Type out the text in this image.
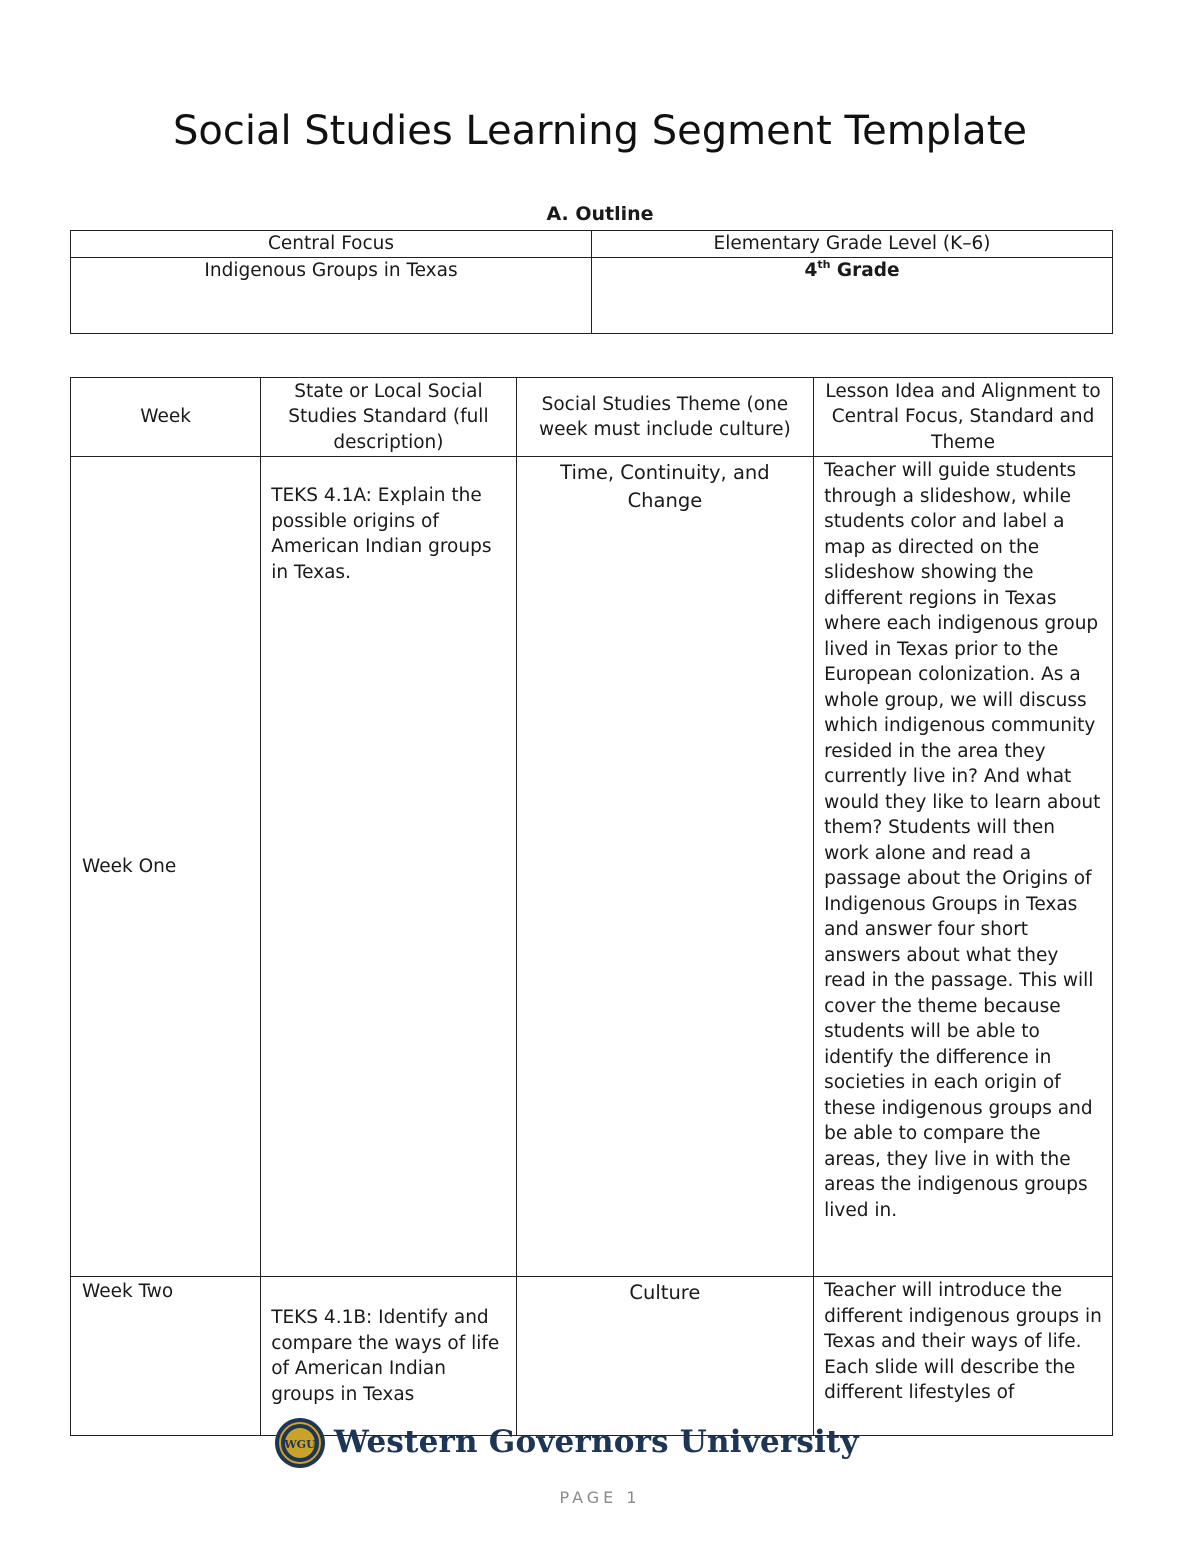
Social Studies Learning Segment Template
A. Outline
Central Focus	Elementary Grade Level (K–6)
Indigenous Groups in Texas	4th Grade
Week	State or Local Social Studies Standard (full description)	Social Studies Theme (one week must include culture)	Lesson Idea and Alignment to Central Focus, Standard and Theme
Week One	TEKS 4.1A: Explain the possible origins of American Indian groups in Texas.	Time, Continuity, and Change	Teacher will guide students through a slideshow, while students color and label a map as directed on the slideshow showing the different regions in Texas where each indigenous group lived in Texas prior to the European colonization. As a whole group, we will discuss which indigenous community resided in the area they currently live in? And what would they like to learn about them? Students will then work alone and read a passage about the Origins of Indigenous Groups in Texas and answer four short answers about what they read in the passage. This will cover the theme because students will be able to identify the difference in societies in each origin of these indigenous groups and be able to compare the areas, they live in with the areas the indigenous groups lived in.
Week Two	TEKS 4.1B: Identify and compare the ways of life of American Indian groups in Texas	Culture	Teacher will introduce the different indigenous groups in Texas and their ways of life. Each slide will describe the different lifestyles of
WGU Western Governors University
PAGE 1
